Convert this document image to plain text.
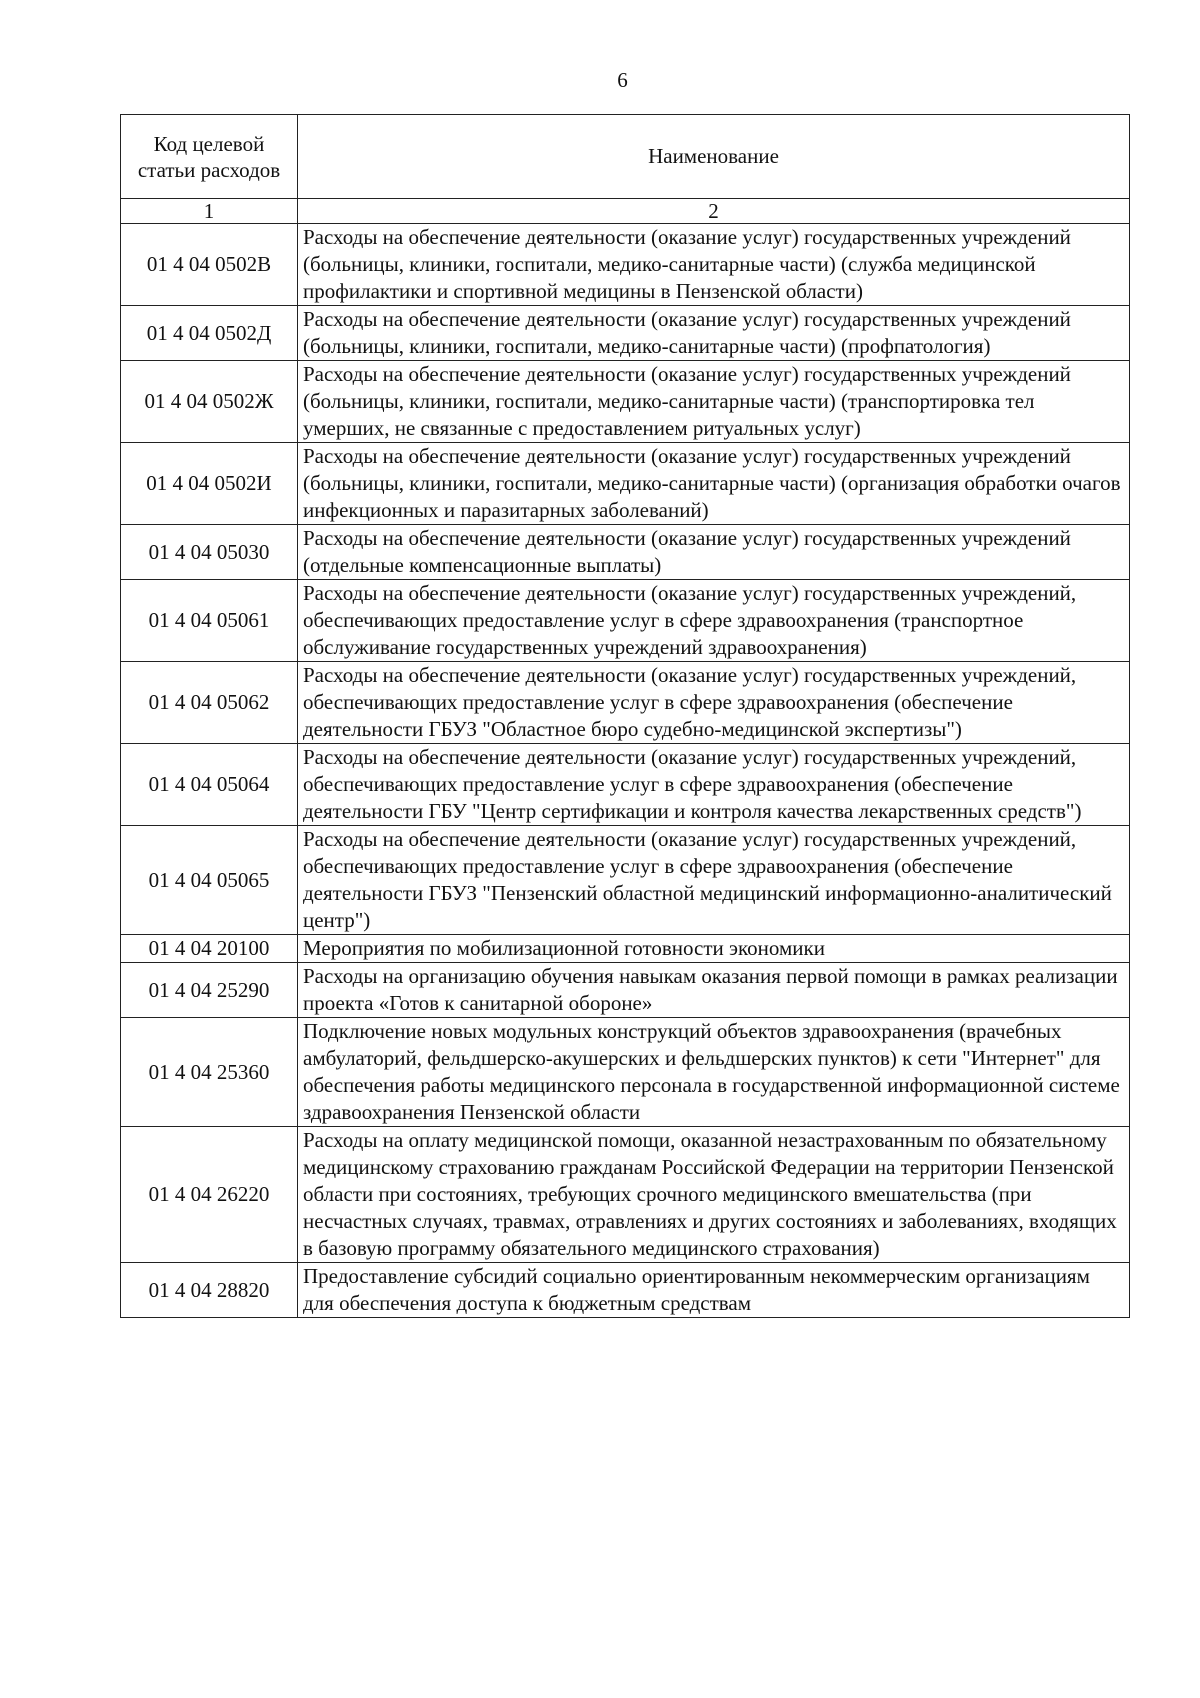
6
Код целевой статьи расходов	Наименование
1	2
01 4 04 0502В	Расходы на обеспечение деятельности (оказание услуг) государственных учреждений (больницы, клиники, госпитали, медико-санитарные части) (служба медицинской профилактики и спортивной медицины в Пензенской области)
01 4 04 0502Д	Расходы на обеспечение деятельности (оказание услуг) государственных учреждений (больницы, клиники, госпитали, медико-санитарные части) (профпатология)
01 4 04 0502Ж	Расходы на обеспечение деятельности (оказание услуг) государственных учреждений (больницы, клиники, госпитали, медико-санитарные части) (транспортировка тел умерших, не связанные с предоставлением ритуальных услуг)
01 4 04 0502И	Расходы на обеспечение деятельности (оказание услуг) государственных учреждений (больницы, клиники, госпитали, медико-санитарные части) (организация обработки очагов инфекционных и паразитарных заболеваний)
01 4 04 05030	Расходы на обеспечение деятельности (оказание услуг) государственных учреждений (отдельные компенсационные выплаты)
01 4 04 05061	Расходы на обеспечение деятельности (оказание услуг) государственных учреждений, обеспечивающих предоставление услуг в сфере здравоохранения (транспортное обслуживание государственных учреждений здравоохранения)
01 4 04 05062	Расходы на обеспечение деятельности (оказание услуг) государственных учреждений, обеспечивающих предоставление услуг в сфере здравоохранения (обеспечение деятельности ГБУЗ "Областное бюро судебно-медицинской экспертизы")
01 4 04 05064	Расходы на обеспечение деятельности (оказание услуг) государственных учреждений, обеспечивающих предоставление услуг в сфере здравоохранения (обеспечение деятельности ГБУ "Центр сертификации и контроля качества лекарственных средств")
01 4 04 05065	Расходы на обеспечение деятельности (оказание услуг) государственных учреждений, обеспечивающих предоставление услуг в сфере здравоохранения (обеспечение деятельности ГБУЗ "Пензенский областной медицинский информационно-аналитический центр")
01 4 04 20100	Мероприятия по мобилизационной готовности экономики
01 4 04 25290	Расходы на организацию обучения навыкам оказания первой помощи в рамках реализации проекта «Готов к санитарной обороне»
01 4 04 25360	Подключение новых модульных конструкций объектов здравоохранения (врачебных амбулаторий, фельдшерско-акушерских и фельдшерских пунктов) к сети "Интернет" для обеспечения работы медицинского персонала в государственной информационной системе здравоохранения Пензенской области
01 4 04 26220	Расходы на оплату медицинской помощи, оказанной незастрахованным по обязательному медицинскому страхованию гражданам Российской Федерации на территории Пензенской области при состояниях, требующих срочного медицинского вмешательства (при несчастных случаях, травмах, отравлениях и других состояниях и заболеваниях, входящих в базовую программу обязательного медицинского страхования)
01 4 04 28820	Предоставление субсидий социально ориентированным некоммерческим организациям для обеспечения доступа к бюджетным средствам
